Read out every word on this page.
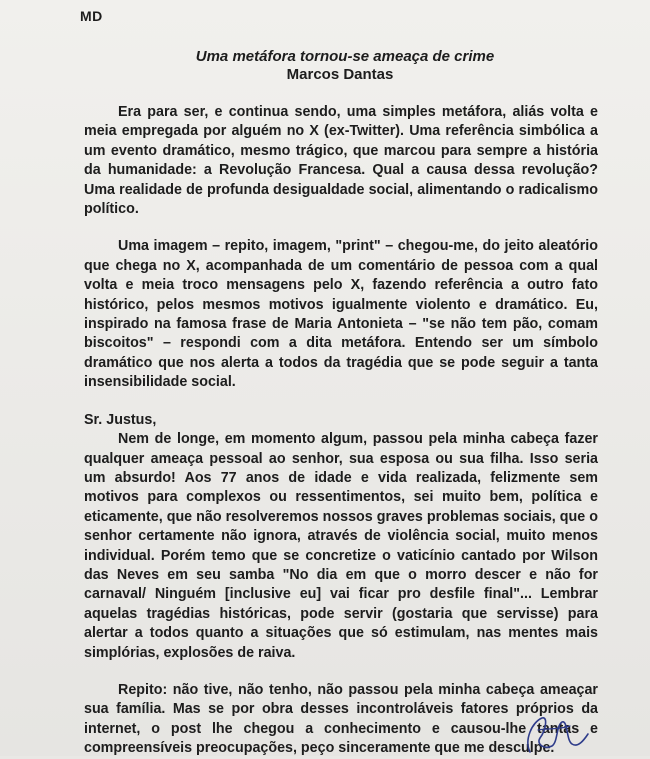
MD
Uma metáfora tornou-se ameaça de crime
Marcos Dantas

Era para ser, e continua sendo, uma simples metáfora, aliás volta e meia empregada por alguém no X (ex-Twitter). Uma referência simbólica a um evento dramático, mesmo trágico, que marcou para sempre a história da humanidade: a Revolução Francesa. Qual a causa dessa revolução? Uma realidade de profunda desigualdade social, alimentando o radicalismo político.

Uma imagem – repito, imagem, "print" – chegou-me, do jeito aleatório que chega no X, acompanhada de um comentário de pessoa com a qual volta e meia troco mensagens pelo X, fazendo referência a outro fato histórico, pelos mesmos motivos igualmente violento e dramático. Eu, inspirado na famosa frase de Maria Antonieta – "se não tem pão, comam biscoitos" – respondi com a dita metáfora. Entendo ser um símbolo dramático que nos alerta a todos da tragédia que se pode seguir a tanta insensibilidade social.

Sr. Justus,

Nem de longe, em momento algum, passou pela minha cabeça fazer qualquer ameaça pessoal ao senhor, sua esposa ou sua filha. Isso seria um absurdo! Aos 77 anos de idade e vida realizada, felizmente sem motivos para complexos ou ressentimentos, sei muito bem, política e eticamente, que não resolveremos nossos graves problemas sociais, que o senhor certamente não ignora, através de violência social, muito menos individual. Porém temo que se concretize o vaticínio cantado por Wilson das Neves em seu samba "No dia em que o morro descer e não for carnaval/ Ninguém [inclusive eu] vai ficar pro desfile final"... Lembrar aquelas tragédias históricas, pode servir (gostaria que servisse) para alertar a todos quanto a situações que só estimulam, nas mentes mais simplórias, explosões de raiva.

Repito: não tive, não tenho, não passou pela minha cabeça ameaçar sua família. Mas se por obra desses incontroláveis fatores próprios da internet, o post lhe chegou a conhecimento e causou-lhe tantas e compreensíveis preocupações, peço sinceramente que me desculpe.
